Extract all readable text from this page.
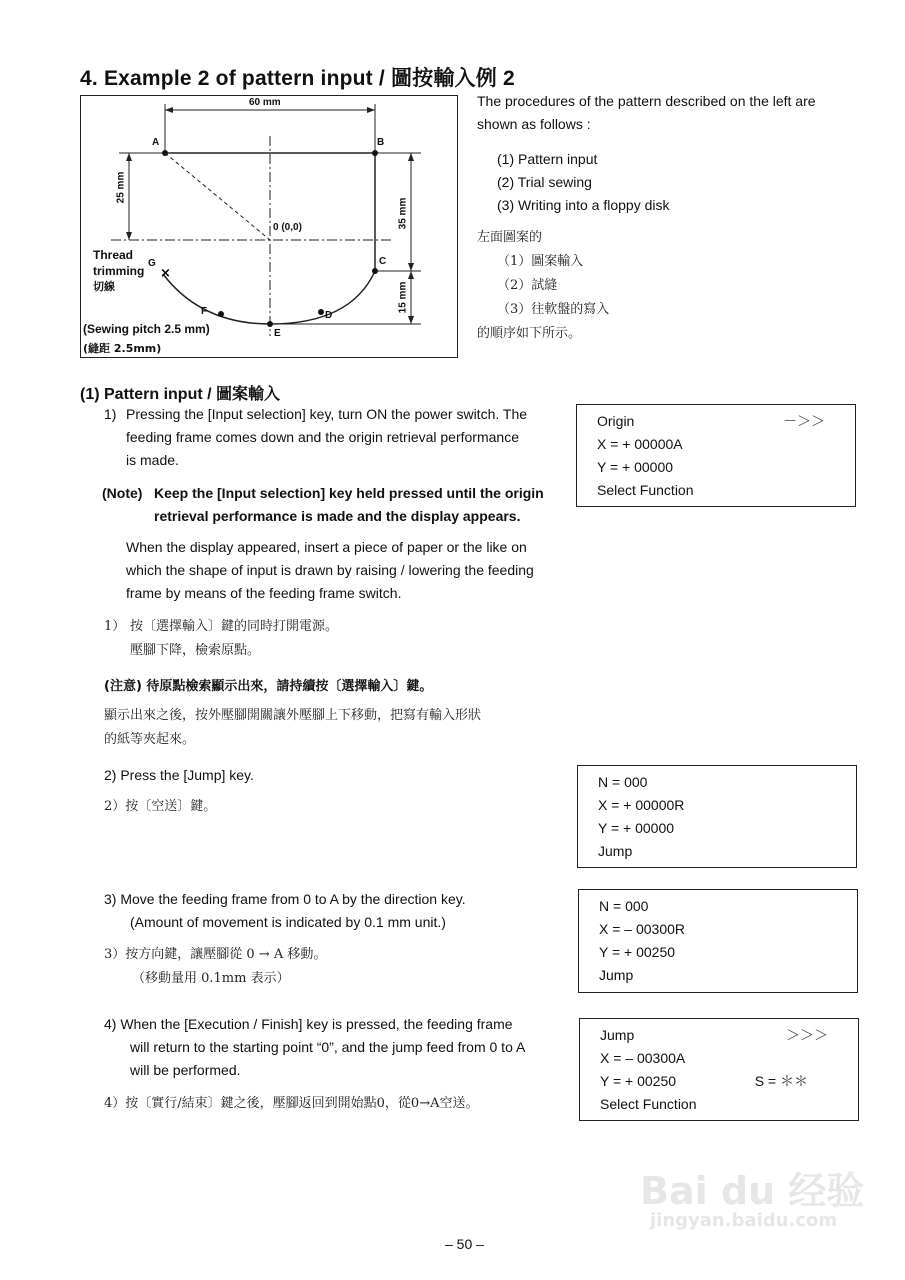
4. Example 2 of pattern input / 圖按輸入例 2
×
60 mm
25 mm
35 mm
15 mm
0 (0,0)
A	B
C
D
E
F
G
Thread
trimming
切線
(Sewing pitch 2.5 mm)
(縫距 2.5mm)
The procedures of the pattern described on the left are
shown as follows :
(1) Pattern input
(2) Trial sewing
(3) Writing into a floppy disk
左面圖案的
（1）圖案輸入
（2）試縫
（3）往軟盤的寫入
的順序如下所示。
(1) Pattern input / 圖案輸入
1) Pressing the [Input selection] key, turn ON the power switch. The
feeding frame comes down and the origin retrieval performance
is made.
(Note) Keep the [Input selection] key held pressed until the origin
retrieval performance is made and the display appears.
When the display appeared, insert a piece of paper or the like on
which the shape of input is drawn by raising / lowering the feeding
frame by means of the feeding frame switch.
1） 按〔選擇輸入〕鍵的同時打開電源。
壓腳下降，檢索原點。
(注意) 待原點檢索顯示出來，請持續按〔選擇輸入〕鍵。
顯示出來之後，按外壓腳開關讓外壓腳上下移動，把寫有輸入形狀
的紙等夾起來。
Origin	－＞＞
X = + 00000A
Y = + 00000
Select Function
2) Press the [Jump] key.
2）按〔空送〕鍵。
N = 000
X = + 00000R
Y = + 00000
Jump
3) Move the feeding frame from 0 to A by the direction key.
(Amount of movement is indicated by 0.1 mm unit.)
3）按方向鍵，讓壓腳從 0 → A 移動。
（移動量用 0.1mm 表示）
N = 000
X = – 00300R
Y = + 00250
Jump
4) When the [Execution / Finish] key is pressed, the feeding frame
will return to the starting point “0”, and the jump feed from 0 to A
will be performed.
4）按〔實行/結束〕鍵之後，壓腳返回到開始點0，從0→A空送。
Jump	＞＞＞
X = – 00300A
Y = + 00250	S = ＊＊
Select Function
Bai du 经验
jingyan.baidu.com
– 50 –
